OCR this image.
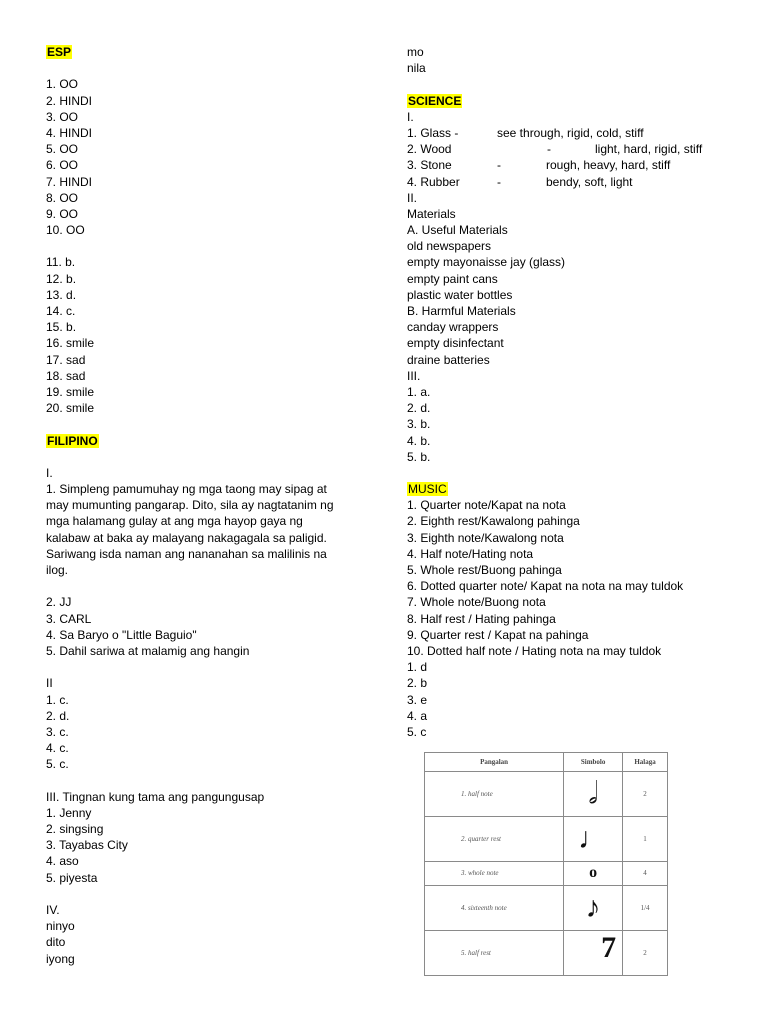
ESP
1. OO
2. HINDI
3. OO
4. HINDI
5. OO
6. OO
7. HINDI
8. OO
9. OO
10. OO
11. b.
12. b.
13. d.
14. c.
15. b.
16. smile
17. sad
18. sad
19. smile
20. smile
FILIPINO
I.
1. Simpleng pamumuhay ng mga taong may sipag at
may mumunting pangarap. Dito, sila ay nagtatanim ng
mga halamang gulay at ang mga hayop gaya ng
kalabaw at baka ay malayang nakagagala sa paligid.
Sariwang isda naman ang nananahan sa malilinis na
ilog.
2. JJ
3. CARL
4. Sa Baryo o "Little Baguio"
5. Dahil sariwa at malamig ang hangin
II
1. c.
2. d.
3. c.
4. c.
5. c.
III. Tingnan kung tama ang pangungusap
1. Jenny
2. singsing
3. Tayabas City
4. aso
5. piyesta
IV.
ninyo
dito
iyong
mo
nila
SCIENCE
I.
1. Glass -	see through, rigid, cold, stiff
2. Wood	-	light, hard, rigid, stiff
3. Stone	-	rough, heavy, hard, stiff
4. Rubber	-	bendy, soft, light
II.
Materials
A. Useful Materials
old newspapers
empty mayonaisse jay (glass)
empty paint cans
plastic water bottles
B. Harmful Materials
canday wrappers
empty disinfectant
draine batteries
III.
1. a.
2. d.
3. b.
4. b.
5. b.
MUSIC
1. Quarter note/Kapat na nota
2. Eighth rest/Kawalong pahinga
3. Eighth note/Kawalong nota
4. Half note/Hating nota
5. Whole rest/Buong pahinga
6. Dotted quarter note/ Kapat na nota na may tuldok
7. Whole note/Buong nota
8. Half rest / Hating pahinga
9. Quarter rest / Kapat na pahinga
10. Dotted half note / Hating nota na may tuldok
1. d
2. b
3. e
4. a
5. c
Pangalan	Simbolo	Halaga
1. half note	𝅗𝅥	2
2. quarter rest	♩	1
3. whole note	o	4
4. sixteenth note	♪	1/4
5. half rest	7	2
